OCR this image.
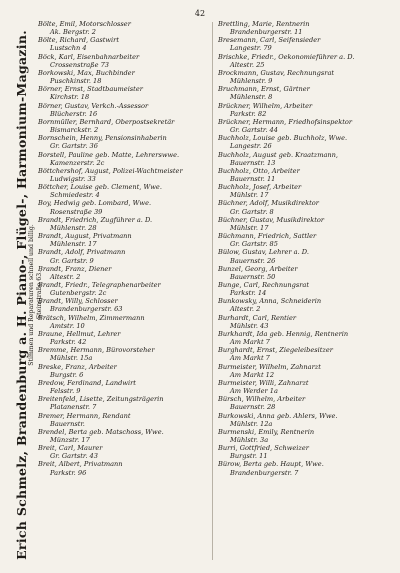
42
Erich Schmelz, Brandenburg a. H. Piano-, Flügel-, Harmonium-Magazin. Stimmen und Reparaturen schnell und billig. Steinstraße 63.
Bölte, Emil, Motorschlosser
Ak. Bergstr. 2
Bölte, Richard, Gastwirt
Lustschn 4
Böck, Karl, Eisenbahnarbeiter
Crossenstraße 73
Borkowski, Max, Buchbinder
Puschkinstr. 18
Börner, Ernst, Stadtbaumeister
Kirchstr. 18
Börner, Gustav, Verkch.-Assessor
Blücherstr. 16
Bornmüller, Bernhard, Oberpostsekretär
Bismarckstr. 2
Bornschein, Henny, Pensionsinhaberin
Gr. Gartstr. 36
Borstell, Pauline geb. Matte, Lehrerswwe.
Kamenzerstr. 2c
Böttchershof, August, Polizei-Wachtmeister
Ludwigstr. 33
Böttcher, Louise geb. Clement, Wwe.
Schmiedestr. 4
Boy, Hedwig geb. Lombard, Wwe.
Rosenstraße 39
Brandt, Friedrich, Zugführer a. D.
Mühlenstr. 28
Brandt, August, Privatmann
Mühlenstr. 17
Brandt, Adolf, Privatmann
Gr. Gartstr. 9
Brandt, Franz, Diener
Altestr. 2
Brandt, Friedr., Telegraphenarbeiter
Gutenbergstr. 2c
Brandt, Willy, Schlosser
Brandenburgerstr. 63
Brätsch, Wilhelm, Zimmermann
Amtstr. 10
Braune, Hellmut, Lehrer
Parkstr. 42
Bremme, Hermann, Bürovorsteher
Mühlstr. 15a
Breske, Franz, Arbeiter
Burgstr. 6
Bredow, Ferdinand, Landwirt
Felsstr. 9
Breitenfeld, Lisette, Zeitungsträgerin
Platanenstr. 7
Bremer, Hermann, Rendant
Bauernstr.
Brendel, Berta geb. Matschoss, Wwe.
Münzstr. 17
Breit, Carl, Maurer
Gr. Gartstr. 43
Breit, Albert, Privatmann
Parkstr. 96
Brettling, Marie, Rentnerin
Brandenburgerstr. 11
Bresemann, Carl, Seifensieder
Langestr. 79
Brischke, Friedr., Oekonomieführer a. D.
Altestr. 25
Brockmann, Gustav, Rechnungsrat
Mühlenstr. 9
Bruchmann, Ernst, Gärtner
Mühlenstr. 8
Brückner, Wilhelm, Arbeiter
Parkstr. 82
Brückner, Hermann, Friedhofsinspektor
Gr. Gartstr. 44
Buchholz, Louise geb. Buchholz, Wwe.
Langestr. 26
Buchholz, August geb. Kraatzmann,
Bauernstr. 13
Buchholz, Otto, Arbeiter
Bauernstr. 11
Buchholz, Josef, Arbeiter
Mühlstr. 17
Büchner, Adolf, Musikdirektor
Gr. Gartstr. 8
Büchner, Gustav, Musikdirektor
Mühlstr. 17
Büchmann, Friedrich, Sattler
Gr. Gartstr. 85
Bülow, Gustav, Lehrer a. D.
Bauernstr. 26
Bunzel, Georg, Arbeiter
Bauernstr. 50
Bunge, Carl, Rechnungsrat
Parkstr. 14
Bunkowsky, Anna, Schneiderin
Altestr. 2
Burhardt, Carl, Rentier
Mühlstr. 43
Burkhardt, Ida geb. Hennig, Rentnerin
Am Markt 7
Burghardt, Ernst, Ziegeleibesitzer
Am Markt 7
Burmeister, Wilhelm, Zahnarzt
Am Markt 12
Burmeister, Willi, Zahnarzt
Am Werder 1a
Bürsch, Wilhelm, Arbeiter
Bauernstr. 28
Burkowski, Anna geb. Ahlers, Wwe.
Mühlstr. 12a
Burmenski, Emily, Rentnerin
Mühlstr. 3a
Burri, Gottfried, Schweizer
Burgstr. 11
Bürow, Berta geb. Haupt, Wwe.
Brandenburgerstr. 7
